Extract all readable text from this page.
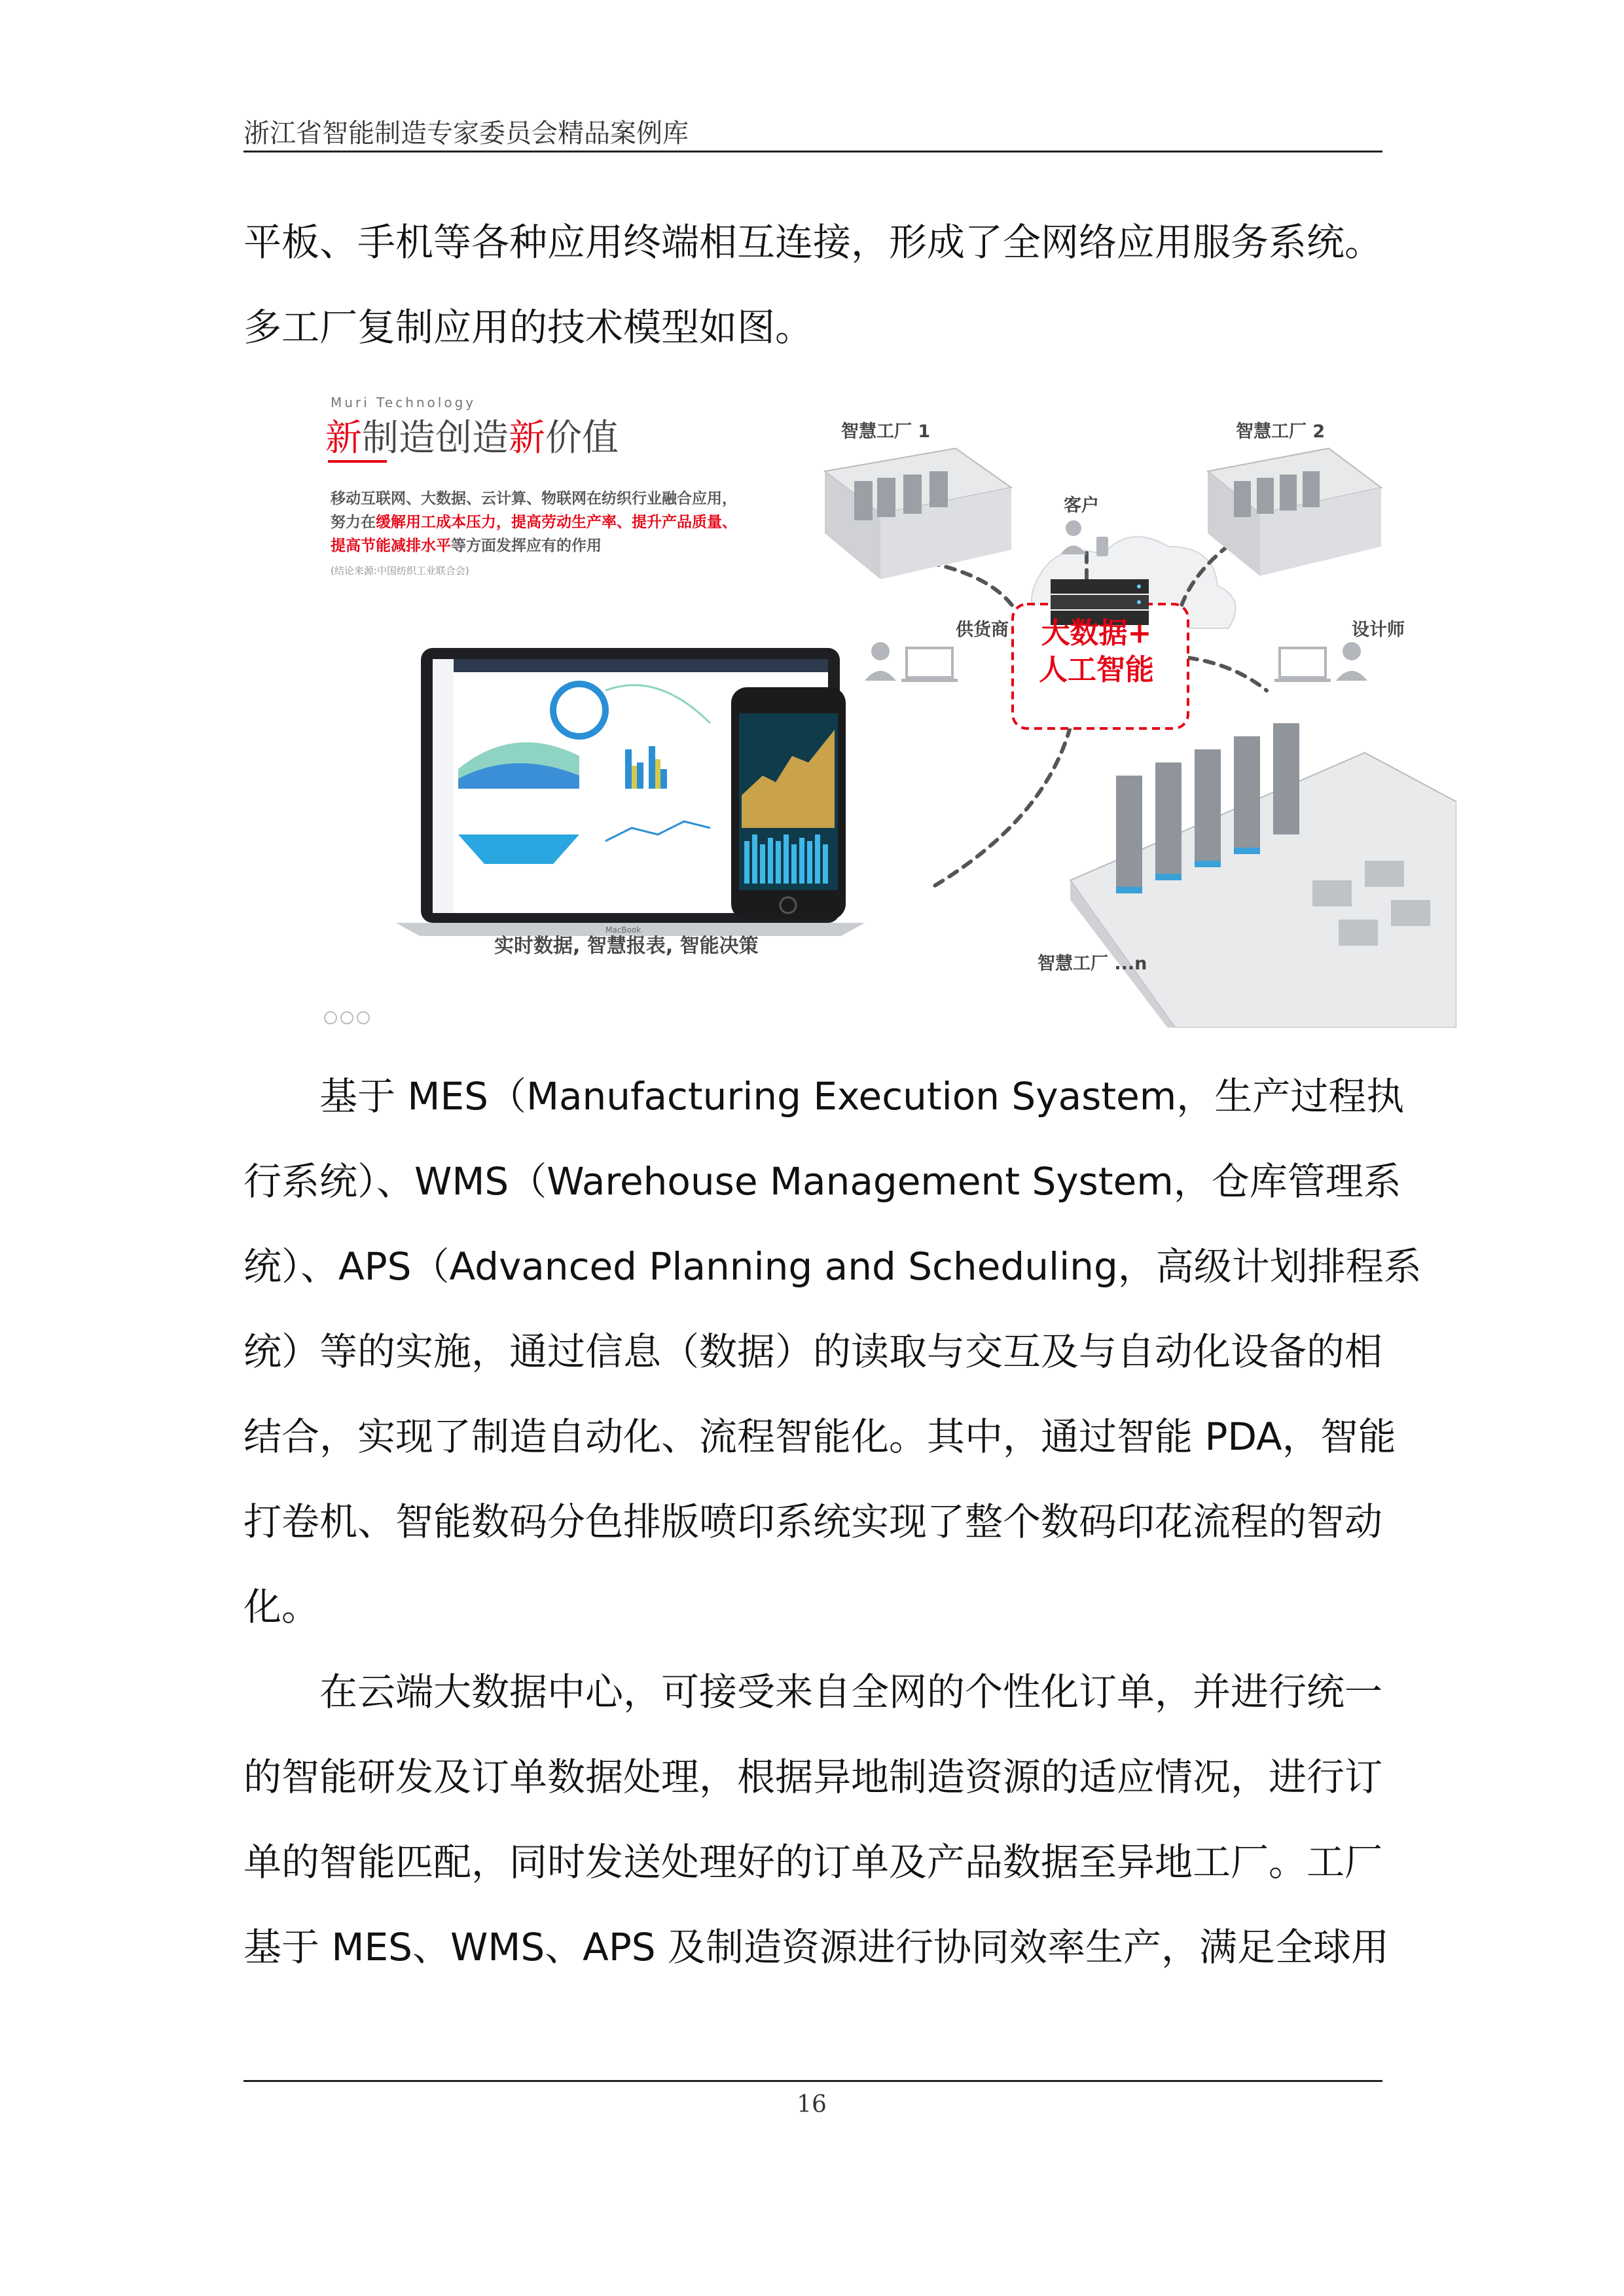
浙江省智能制造专家委员会精品案例库
平板、手机等各种应用终端相互连接，形成了全网络应用服务系统。
多工厂复制应用的技术模型如图。
Muri Technology
新制造创造新价值
移动互联网、大数据、云计算、物联网在纺织行业融合应用，
努力在缓解用工成本压力，提高劳动生产率、提升产品质量、
提高节能减排水平等方面发挥应有的作用
(结论来源:中国纺织工业联合会)
智慧工厂 1	智慧工厂 2
客户
供货商	设计师
智慧工厂 ...n
大数据+
人工智能
MacBook
实时数据, 智慧报表, 智能决策
基于 MES（Manufacturing Execution Syastem，生产过程执
行系统）、WMS（Warehouse Management System，仓库管理系
统）、APS（Advanced Planning and Scheduling，高级计划排程系
统）等的实施，通过信息（数据）的读取与交互及与自动化设备的相
结合，实现了制造自动化、流程智能化。其中，通过智能 PDA，智能
打卷机、智能数码分色排版喷印系统实现了整个数码印花流程的智动
化。
在云端大数据中心，可接受来自全网的个性化订单，并进行统一
的智能研发及订单数据处理，根据异地制造资源的适应情况，进行订
单的智能匹配，同时发送处理好的订单及产品数据至异地工厂。工厂
基于 MES、WMS、APS 及制造资源进行协同效率生产，满足全球用
16
